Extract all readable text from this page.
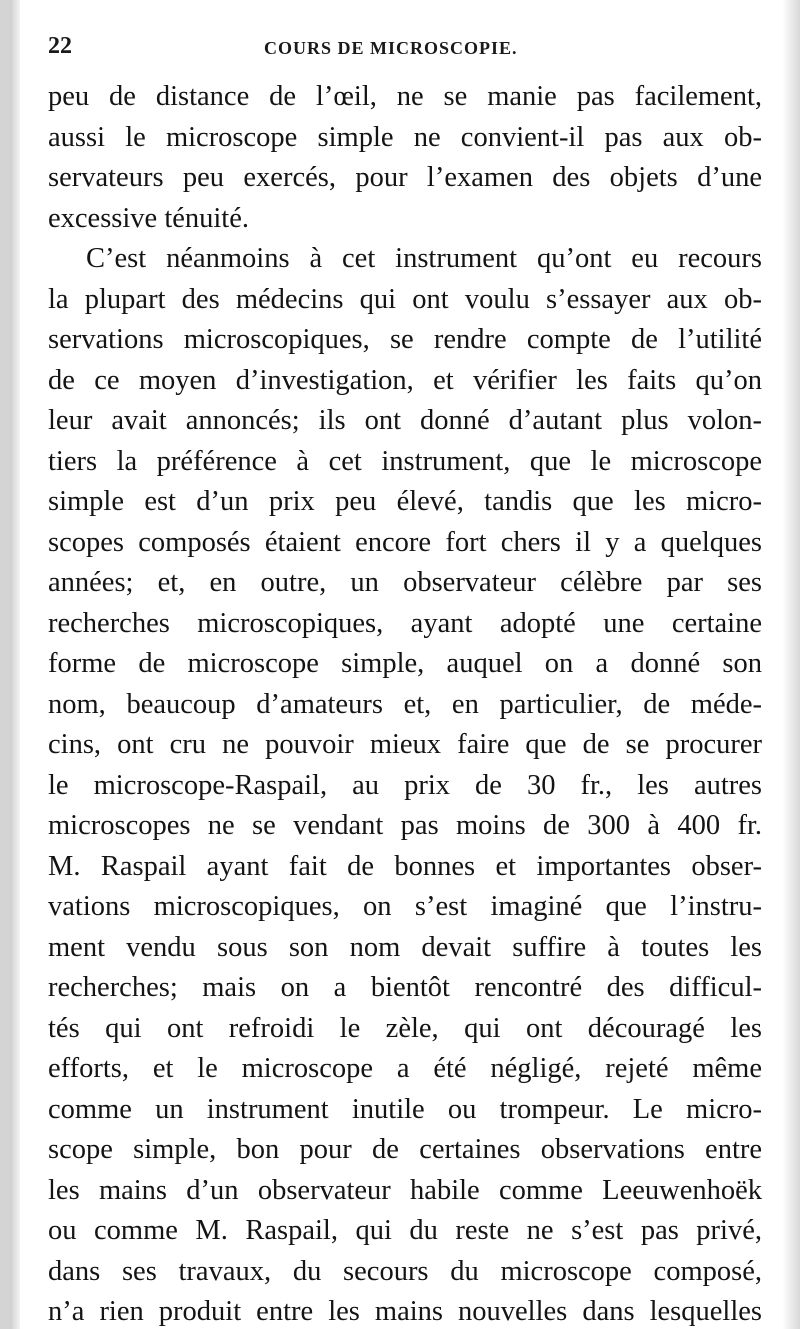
22	COURS DE MICROSCOPIE.
peu de distance de l’œil, ne se manie pas facilement,
aussi le microscope simple ne convient-il pas aux ob-
servateurs peu exercés, pour l’examen des objets d’une
excessive ténuité.
C’est néanmoins à cet instrument qu’ont eu recours
la plupart des médecins qui ont voulu s’essayer aux ob-
servations microscopiques, se rendre compte de l’utilité
de ce moyen d’investigation, et vérifier les faits qu’on
leur avait annoncés; ils ont donné d’autant plus volon-
tiers la préférence à cet instrument, que le microscope
simple est d’un prix peu élevé, tandis que les micro-
scopes composés étaient encore fort chers il y a quelques
années; et, en outre, un observateur célèbre par ses
recherches microscopiques, ayant adopté une certaine
forme de microscope simple, auquel on a donné son
nom, beaucoup d’amateurs et, en particulier, de méde-
cins, ont cru ne pouvoir mieux faire que de se procurer
le microscope-Raspail, au prix de 30 fr., les autres
microscopes ne se vendant pas moins de 300 à 400 fr.
M. Raspail ayant fait de bonnes et importantes obser-
vations microscopiques, on s’est imaginé que l’instru-
ment vendu sous son nom devait suffire à toutes les
recherches; mais on a bientôt rencontré des difficul-
tés qui ont refroidi le zèle, qui ont découragé les
efforts, et le microscope a été négligé, rejeté même
comme un instrument inutile ou trompeur. Le micro-
scope simple, bon pour de certaines observations entre
les mains d’un observateur habile comme Leeuwenhoëk
ou comme M. Raspail, qui du reste ne s’est pas privé,
dans ses travaux, du secours du microscope composé,
n’a rien produit entre les mains nouvelles dans lesquelles
